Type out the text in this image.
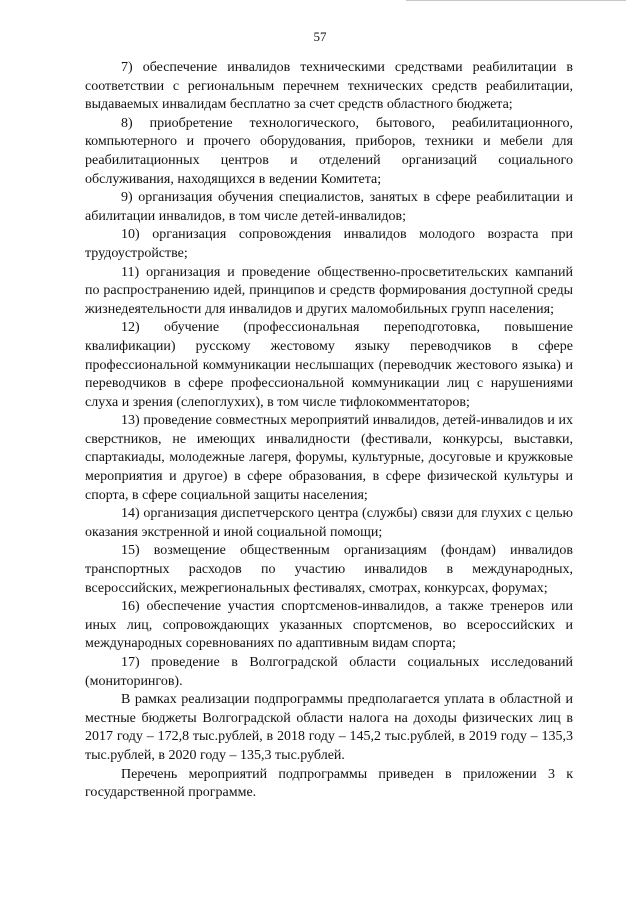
57

7) обеспечение инвалидов техническими средствами реабилитации в соответствии с региональным перечнем технических средств реабилитации, выдаваемых инвалидам бесплатно за счет средств областного бюджета;

8) приобретение технологического, бытового, реабилитационного, компьютерного и прочего оборудования, приборов, техники и мебели для реабилитационных центров и отделений организаций социального обслуживания, находящихся в ведении Комитета;

9) организация обучения специалистов, занятых в сфере реабилитации и абилитации инвалидов, в том числе детей-инвалидов;

10) организация сопровождения инвалидов молодого возраста при трудоустройстве;

11) организация и проведение общественно-просветительских кампаний по распространению идей, принципов и средств формирования доступной среды жизнедеятельности для инвалидов и других маломобильных групп населения;

12) обучение (профессиональная переподготовка, повышение квалификации) русскому жестовому языку переводчиков в сфере профессиональной коммуникации неслышащих (переводчик жестового языка) и переводчиков в сфере профессиональной коммуникации лиц с нарушениями слуха и зрения (слепоглухих), в том числе тифлокомментаторов;

13) проведение совместных мероприятий инвалидов, детей-инвалидов и их сверстников, не имеющих инвалидности (фестивали, конкурсы, выставки, спартакиады, молодежные лагеря, форумы, культурные, досуговые и кружковые мероприятия и другое) в сфере образования, в сфере физической культуры и спорта, в сфере социальной защиты населения;

14) организация диспетчерского центра (службы) связи для глухих с целью оказания экстренной и иной социальной помощи;

15) возмещение общественным организациям (фондам) инвалидов транспортных расходов по участию инвалидов в международных, всероссийских, межрегиональных фестивалях, смотрах, конкурсах, форумах;

16) обеспечение участия спортсменов-инвалидов, а также тренеров или иных лиц, сопровождающих указанных спортсменов, во всероссийских и международных соревнованиях по адаптивным видам спорта;

17) проведение в Волгоградской области социальных исследований (мониторингов).

В рамках реализации подпрограммы предполагается уплата в областной и местные бюджеты Волгоградской области налога на доходы физических лиц в 2017 году – 172,8 тыс.рублей, в 2018 году – 145,2 тыс.рублей, в 2019 году – 135,3 тыс.рублей, в 2020 году – 135,3 тыс.рублей.

Перечень мероприятий подпрограммы приведен в приложении 3 к государственной программе.
